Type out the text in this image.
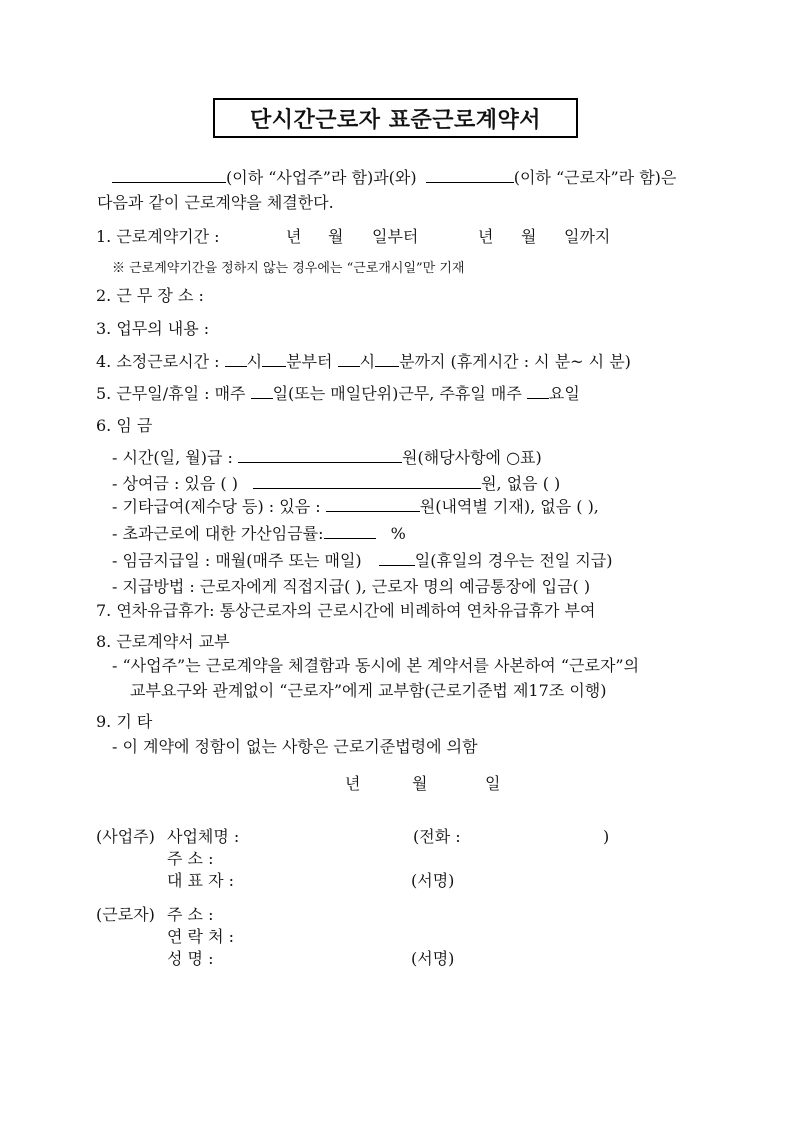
단시간근로자 표준근로계약서
(이하 “사업주”라 함)과(와)	(이하 “근로자”라 함)은
다음과 같이 근로계약을 체결한다.
1. 근로계약기간 :	년 월 일부터	년 월 일까지
※ 근로계약기간을 정하지 않는 경우에는 “근로개시일”만 기재
2. 근 무 장 소 :
3. 업무의 내용 :
4. 소정근로시간 : 시 분부터 시 분까지 (휴게시간 : 시 분~ 시 분)
5. 근무일/휴일 : 매주 일(또는 매일단위)근무, 주휴일 매주 요일
6. 임 금
- 시간(일, 월)급 :	원(해당사항에 ○표)
- 상여금 : 있음 ( )	원, 없음 ( )
- 기타급여(제수당 등) : 있음 :	원(내역별 기재), 없음 ( ),
- 초과근로에 대한 가산임금률:	%
- 임금지급일 : 매월(매주 또는 매일)	일(휴일의 경우는 전일 지급)
- 지급방법 : 근로자에게 직접지급( ), 근로자 명의 예금통장에 입금( )
7. 연차유급휴가: 통상근로자의 근로시간에 비례하여 연차유급휴가 부여
8. 근로계약서 교부
- “사업주”는 근로계약을 체결함과 동시에 본 계약서를 사본하여 “근로자”의
교부요구와 관계없이 “근로자”에게 교부함(근로기준법 제17조 이행)
9. 기 타
- 이 계약에 정함이 없는 사항은 근로기준법령에 의함
년	월	일
(사업주) 사업체명 :	(전화 :	)
주 소 :
대 표 자 :	(서명)
(근로자) 주 소 :
연 락 처 :
성 명 :	(서명)
